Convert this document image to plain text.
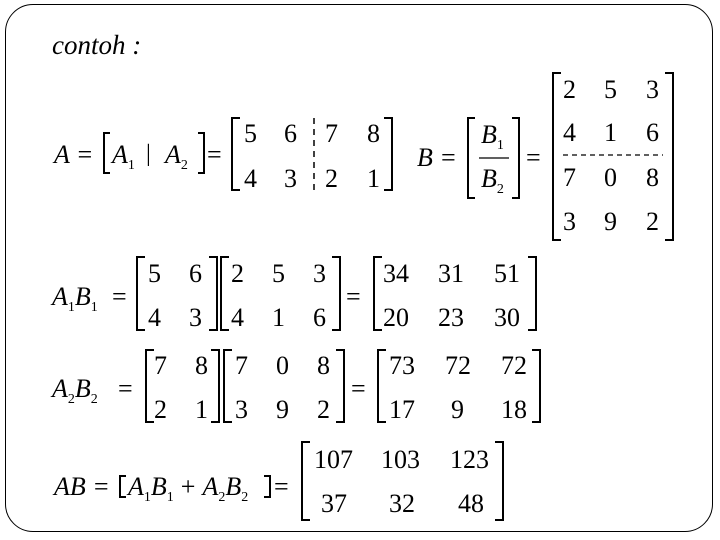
contoh :
$A = A_1$ | $A_2$ =
5 6 7 8
4 3 2 1
B =
$B_1$
$B_2$
=
2 5 3
4 1 6
7 0 8
3 9 2
$A_1B_1$ =
5 6
4 3
2 5 3
4 1 6
=
34 31 51
20 23 30
$A_2B_2$ =
7 8
2 1
7 0 8
3 9 2
=
73 72 72
17 9 18
AB = $A_1B_1 + A_2B_2$ =
107 103 123
37 32 48
